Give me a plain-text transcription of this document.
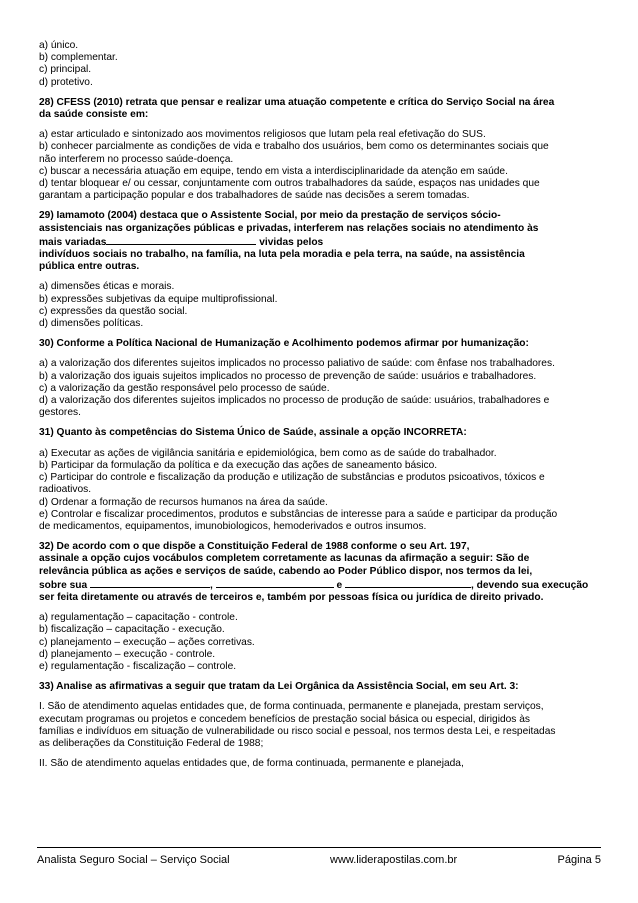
a) único.
b) complementar.
c) principal.
d) protetivo.
28) CFESS (2010) retrata que pensar e realizar uma atuação competente e crítica do Serviço Social na área
da saúde consiste em:
a) estar articulado e sintonizado aos movimentos religiosos que lutam pela real efetivação do SUS.
b) conhecer parcialmente as condições de vida e trabalho dos usuários, bem como os determinantes sociais que
não interferem no processo saúde-doença.
c) buscar a necessária atuação em equipe, tendo em vista a interdisciplinaridade da atenção em saúde.
d) tentar bloquear e/ ou cessar, conjuntamente com outros trabalhadores da saúde, espaços nas unidades que
garantam a participação popular e dos trabalhadores de saúde nas decisões a serem tomadas.
29) Iamamoto (2004) destaca que o Assistente Social, por meio da prestação de serviços sócio-
assistenciais nas organizações públicas e privadas, interferem nas relações sociais no atendimento às
mais variadas	vividas pelos
indivíduos sociais no trabalho, na família, na luta pela moradia e pela terra, na saúde, na assistência
pública entre outras.
a) dimensões éticas e morais.
b) expressões subjetivas da equipe multiprofissional.
c) expressões da questão social.
d) dimensões políticas.
30) Conforme a Política Nacional de Humanização e Acolhimento podemos afirmar por humanização:
a) a valorização dos diferentes sujeitos implicados no processo paliativo de saúde: com ênfase nos trabalhadores.
b) a valorização dos iguais sujeitos implicados no processo de prevenção de saúde: usuários e trabalhadores.
c) a valorização da gestão responsável pelo processo de saúde.
d) a valorização dos diferentes sujeitos implicados no processo de produção de saúde: usuários, trabalhadores e
gestores.
31) Quanto às competências do Sistema Único de Saúde, assinale a opção INCORRETA:
a) Executar as ações de vigilância sanitária e epidemiológica, bem como as de saúde do trabalhador.
b) Participar da formulação da política e da execução das ações de saneamento básico.
c) Participar do controle e fiscalização da produção e utilização de substâncias e produtos psicoativos, tóxicos e
radioativos.
d) Ordenar a formação de recursos humanos na área da saúde.
e) Controlar e fiscalizar procedimentos, produtos e substâncias de interesse para a saúde e participar da produção
de medicamentos, equipamentos, imunobiologicos, hemoderivados e outros insumos.
32) De acordo com o que dispõe a Constituição Federal de 1988 conforme o seu Art. 197,
assinale a opção cujos vocábulos completem corretamente as lacunas da afirmação a seguir: São de
relevância pública as ações e serviços de saúde, cabendo ao Poder Público dispor, nos termos da lei,
sobre sua	,	e	, devendo sua execução
ser feita diretamente ou através de terceiros e, também por pessoas física ou jurídica de direito privado.
a) regulamentação – capacitação - controle.
b) fiscalização – capacitação - execução.
c) planejamento – execução – ações corretivas.
d) planejamento – execução - controle.
e) regulamentação - fiscalização – controle.
33) Analise as afirmativas a seguir que tratam da Lei Orgânica da Assistência Social, em seu Art. 3:
I. São de atendimento aquelas entidades que, de forma continuada, permanente e planejada, prestam serviços,
executam programas ou projetos e concedem benefícios de prestação social básica ou especial, dirigidos às
famílias e indivíduos em situação de vulnerabilidade ou risco social e pessoal, nos termos desta Lei, e respeitadas
as deliberações da Constituição Federal de 1988;
II. São de atendimento aquelas entidades que, de forma continuada, permanente e planejada,
Analista Seguro Social – Serviço Social	www.liderapostilas.com.br	Página 5
